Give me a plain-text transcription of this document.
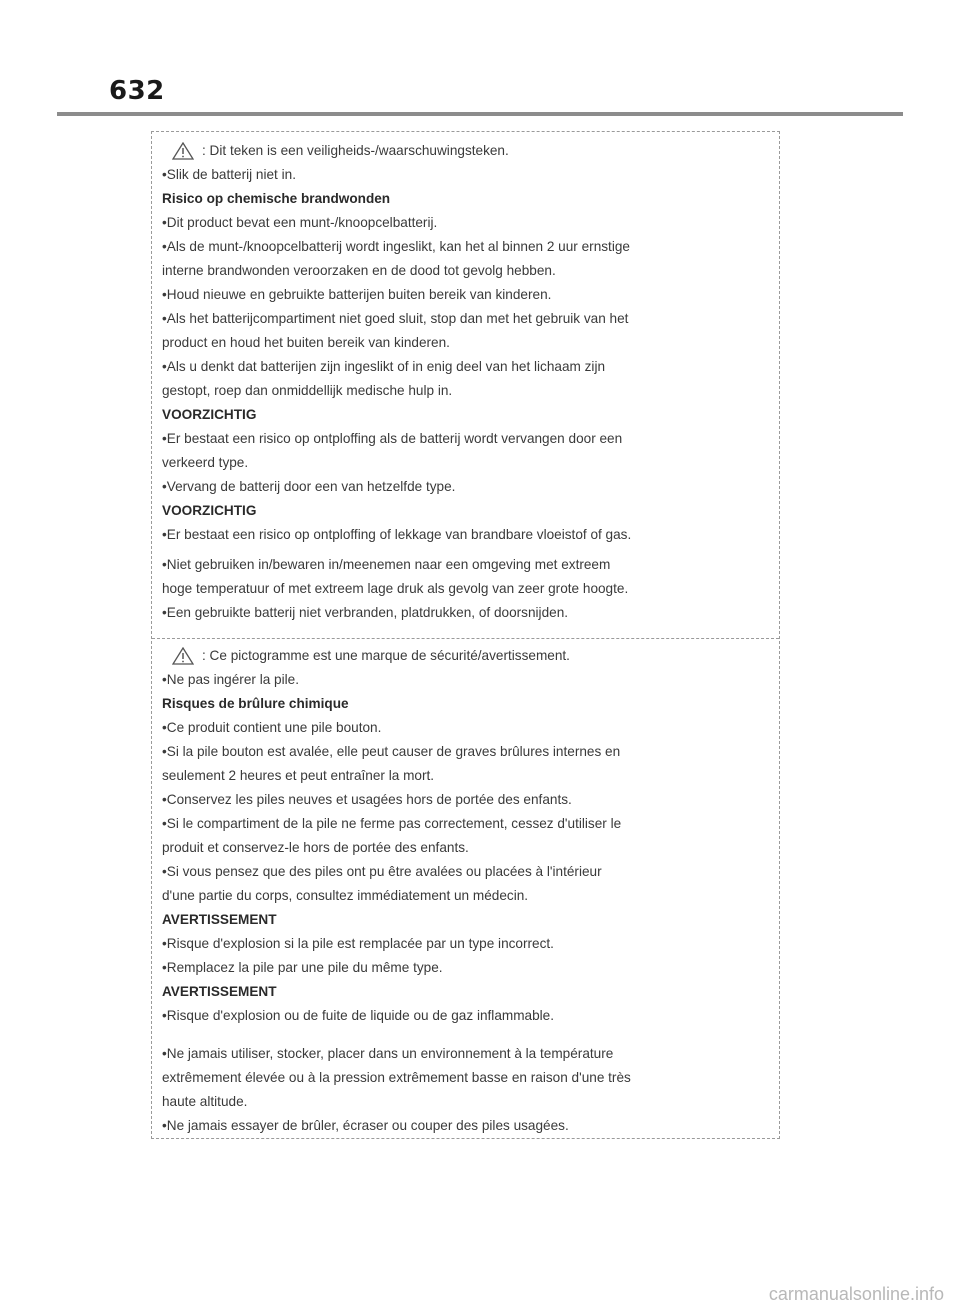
632
: Dit teken is een veiligheids-/waarschuwingsteken.
•Slik de batterij niet in.
Risico op chemische brandwonden
•Dit product bevat een munt-/knoopcelbatterij.
•Als de munt-/knoopcelbatterij wordt ingeslikt, kan het al binnen 2 uur ernstige
interne brandwonden veroorzaken en de dood tot gevolg hebben.
•Houd nieuwe en gebruikte batterijen buiten bereik van kinderen.
•Als het batterijcompartiment niet goed sluit, stop dan met het gebruik van het
product en houd het buiten bereik van kinderen.
•Als u denkt dat batterijen zijn ingeslikt of in enig deel van het lichaam zijn
gestopt, roep dan onmiddellijk medische hulp in.
VOORZICHTIG
•Er bestaat een risico op ontploffing als de batterij wordt vervangen door een
verkeerd type.
•Vervang de batterij door een van hetzelfde type.
VOORZICHTIG
•Er bestaat een risico op ontploffing of lekkage van brandbare vloeistof of gas.
•Niet gebruiken in/bewaren in/meenemen naar een omgeving met extreem
hoge temperatuur of met extreem lage druk als gevolg van zeer grote hoogte.
•Een gebruikte batterij niet verbranden, platdrukken, of doorsnijden.
: Ce pictogramme est une marque de sécurité/avertissement.
•Ne pas ingérer la pile.
Risques de brûlure chimique
•Ce produit contient une pile bouton.
•Si la pile bouton est avalée, elle peut causer de graves brûlures internes en
seulement 2 heures et peut entraîner la mort.
•Conservez les piles neuves et usagées hors de portée des enfants.
•Si le compartiment de la pile ne ferme pas correctement, cessez d'utiliser le
produit et conservez-le hors de portée des enfants.
•Si vous pensez que des piles ont pu être avalées ou placées à l'intérieur
d'une partie du corps, consultez immédiatement un médecin.
AVERTISSEMENT
•Risque d'explosion si la pile est remplacée par un type incorrect.
•Remplacez la pile par une pile du même type.
AVERTISSEMENT
•Risque d'explosion ou de fuite de liquide ou de gaz inflammable.
•Ne jamais utiliser, stocker, placer dans un environnement à la température
extrêmement élevée ou à la pression extrêmement basse en raison d'une très
haute altitude.
•Ne jamais essayer de brûler, écraser ou couper des piles usagées.
carmanualsonline.info
